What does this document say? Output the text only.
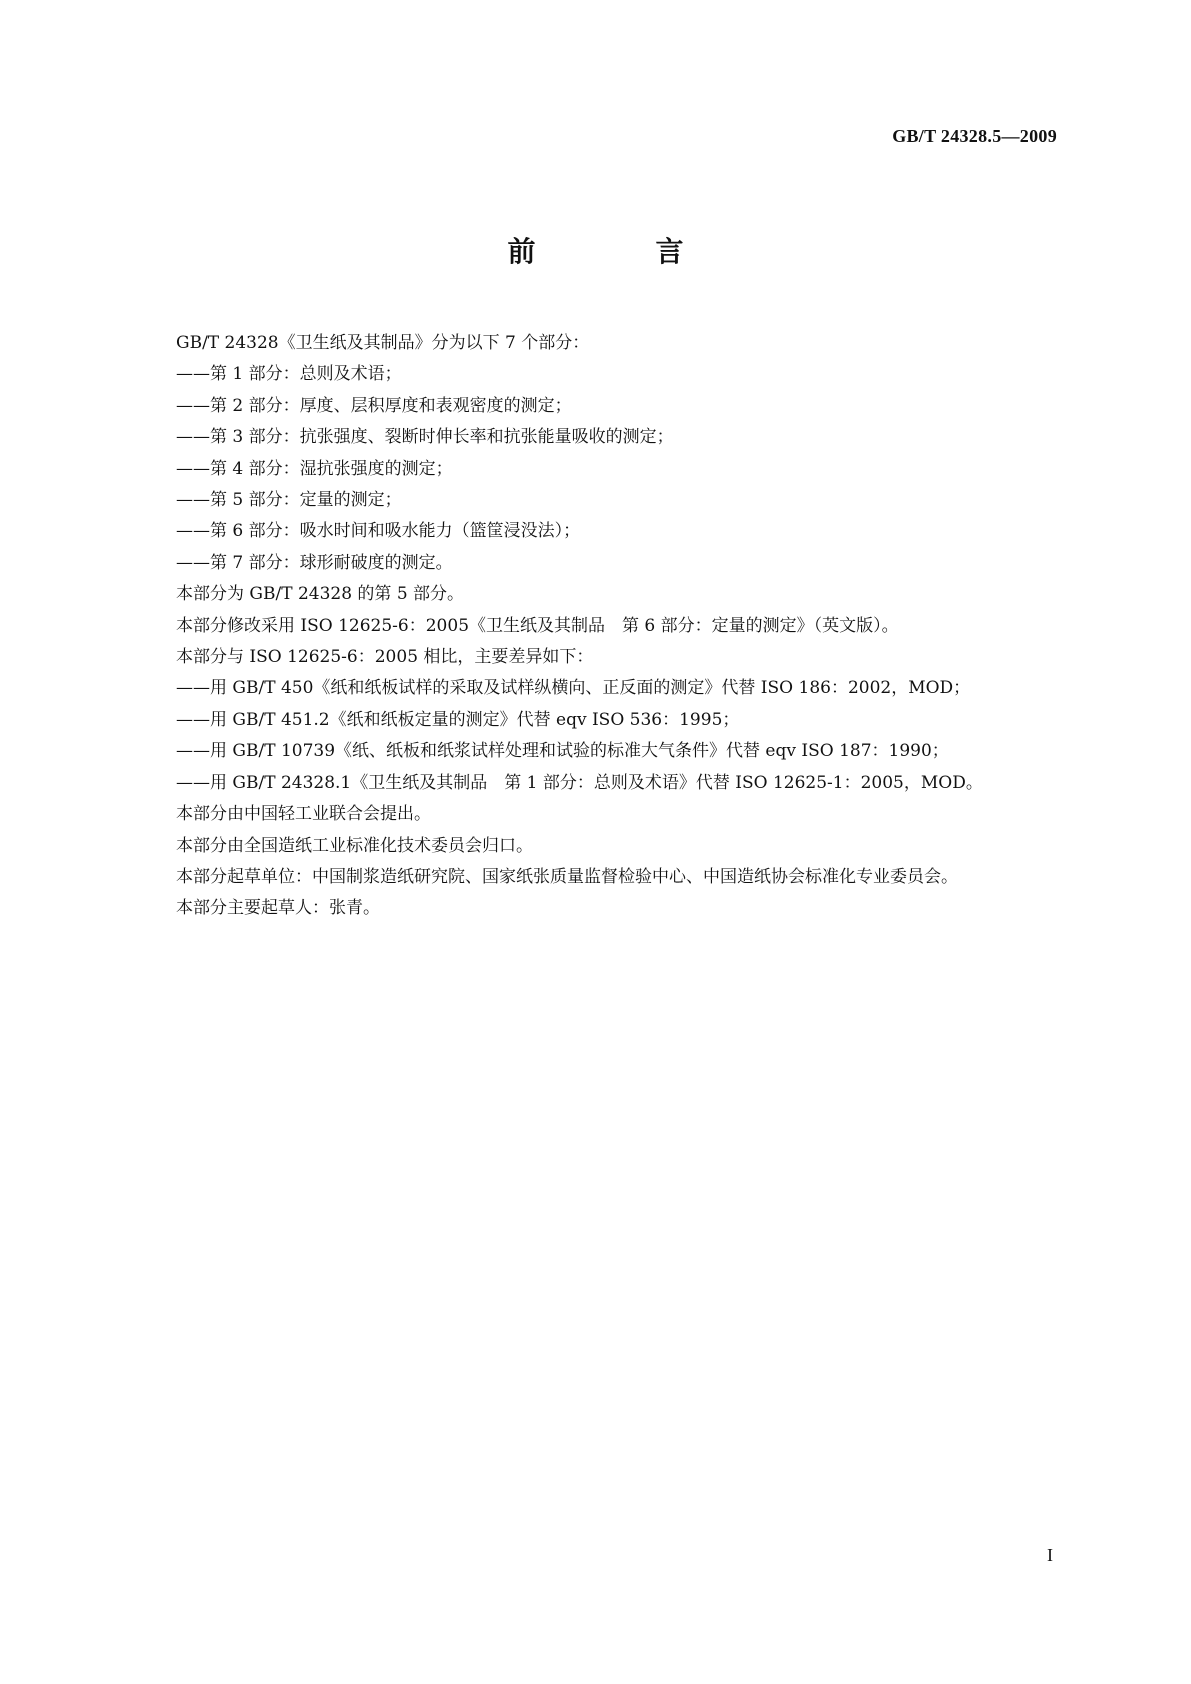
GB/T 24328.5—2009
前　言

GB/T 24328《卫生纸及其制品》分为以下 7 个部分：

——第 1 部分：总则及术语；

——第 2 部分：厚度、层积厚度和表观密度的测定；

——第 3 部分：抗张强度、裂断时伸长率和抗张能量吸收的测定；

——第 4 部分：湿抗张强度的测定；

——第 5 部分：定量的测定；

——第 6 部分：吸水时间和吸水能力（篮筐浸没法）；

——第 7 部分：球形耐破度的测定。

本部分为 GB/T 24328 的第 5 部分。

本部分修改采用 ISO 12625-6：2005《卫生纸及其制品　第 6 部分：定量的测定》（英文版）。

本部分与 ISO 12625-6：2005 相比，主要差异如下：

——用 GB/T 450《纸和纸板试样的采取及试样纵横向、正反面的测定》代替 ISO 186：2002，MOD；

——用 GB/T 451.2《纸和纸板定量的测定》代替 eqv ISO 536：1995；

——用 GB/T 10739《纸、纸板和纸浆试样处理和试验的标准大气条件》代替 eqv ISO 187：1990；

——用 GB/T 24328.1《卫生纸及其制品　第 1 部分：总则及术语》代替 ISO 12625-1：2005，MOD。

本部分由中国轻工业联合会提出。

本部分由全国造纸工业标准化技术委员会归口。

本部分起草单位：中国制浆造纸研究院、国家纸张质量监督检验中心、中国造纸协会标准化专业委员会。

本部分主要起草人：张青。

I
